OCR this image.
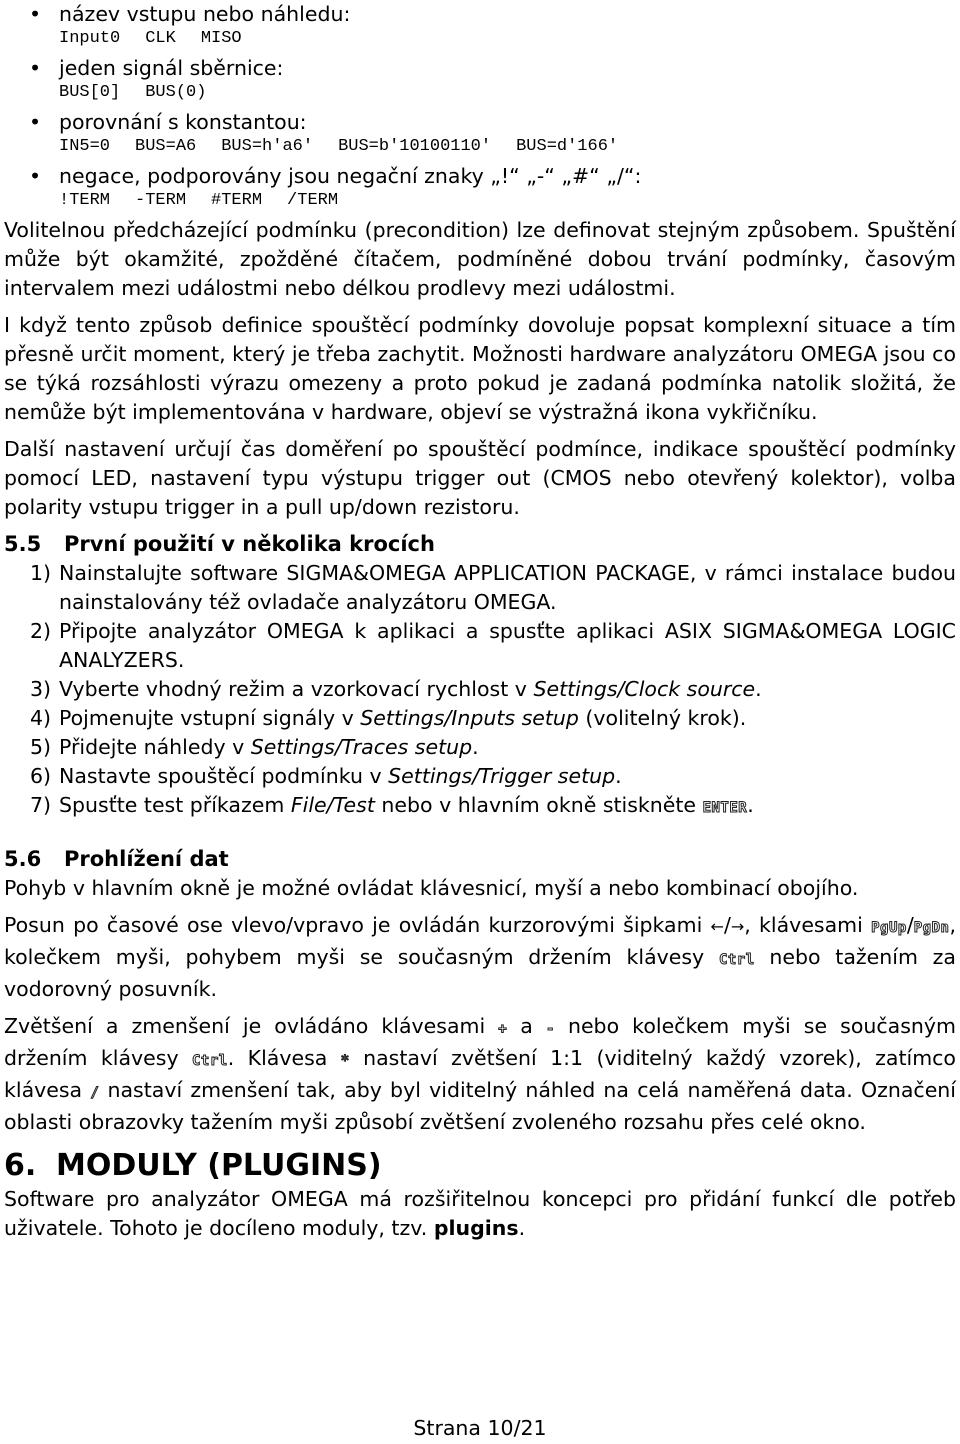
• název vstupu nebo náhledu:
Input0 CLK MISO
• jeden signál sběrnice:
BUS[0] BUS(0)
• porovnání s konstantou:
IN5=0 BUS=A6 BUS=h'a6' BUS=b'10100110' BUS=d'166'
• negace, podporovány jsou negační znaky „!“ „-“ „#“ „/“:
!TERM -TERM #TERM /TERM

Volitelnou předcházející podmínku (precondition) lze definovat stejným způsobem. Spuštění může být okamžité, zpožděné čítačem, podmíněné dobou trvání podmínky, časovým intervalem mezi událostmi nebo délkou prodlevy mezi událostmi.

I když tento způsob definice spouštěcí podmínky dovoluje popsat komplexní situace a tím přesně určit moment, který je třeba zachytit. Možnosti hardware analyzátoru OMEGA jsou co se týká rozsáhlosti výrazu omezeny a proto pokud je zadaná podmínka natolik složitá, že nemůže být implementována v hardware, objeví se výstražná ikona vykřičníku.

Další nastavení určují čas doměření po spouštěcí podmínce, indikace spouštěcí podmínky pomocí LED, nastavení typu výstupu trigger out (CMOS nebo otevřený kolektor), volba polarity vstupu trigger in a pull up/down rezistoru.

5.5 První použití v několika krocích
1) Nainstalujte software SIGMA&OMEGA APPLICATION PACKAGE, v rámci instalace budou nainstalovány též ovladače analyzátoru OMEGA.
2) Připojte analyzátor OMEGA k aplikaci a spusťte aplikaci ASIX SIGMA&OMEGA LOGIC ANALYZERS.
3) Vyberte vhodný režim a vzorkovací rychlost v Settings/Clock source.
4) Pojmenujte vstupní signály v Settings/Inputs setup (volitelný krok).
5) Přidejte náhledy v Settings/Traces setup.
6) Nastavte spouštěcí podmínku v Settings/Trigger setup.
7) Spusťte test příkazem File/Test nebo v hlavním okně stiskněte ENTER.
5.6 Prohlížení dat

Pohyb v hlavním okně je možné ovládat klávesnicí, myší a nebo kombinací obojího.

Posun po časové ose vlevo/vpravo je ovládán kurzorovými šipkami ←/→, klávesami PgUp/PgDn, kolečkem myši, pohybem myši se současným držením klávesy Ctrl nebo tažením za vodorovný posuvník.

Zvětšení a zmenšení je ovládáno klávesami + a - nebo kolečkem myši se současným držením klávesy Ctrl. Klávesa * nastaví zvětšení 1:1 (viditelný každý vzorek), zatímco klávesa / nastaví zmenšení tak, aby byl viditelný náhled na celá naměřená data. Označení oblasti obrazovky tažením myši způsobí zvětšení zvoleného rozsahu přes celé okno.

6. MODULY (PLUGINS)

Software pro analyzátor OMEGA má rozšiřitelnou koncepci pro přidání funkcí dle potřeb uživatele. Tohoto je docíleno moduly, tzv. plugins.

Strana 10/21
